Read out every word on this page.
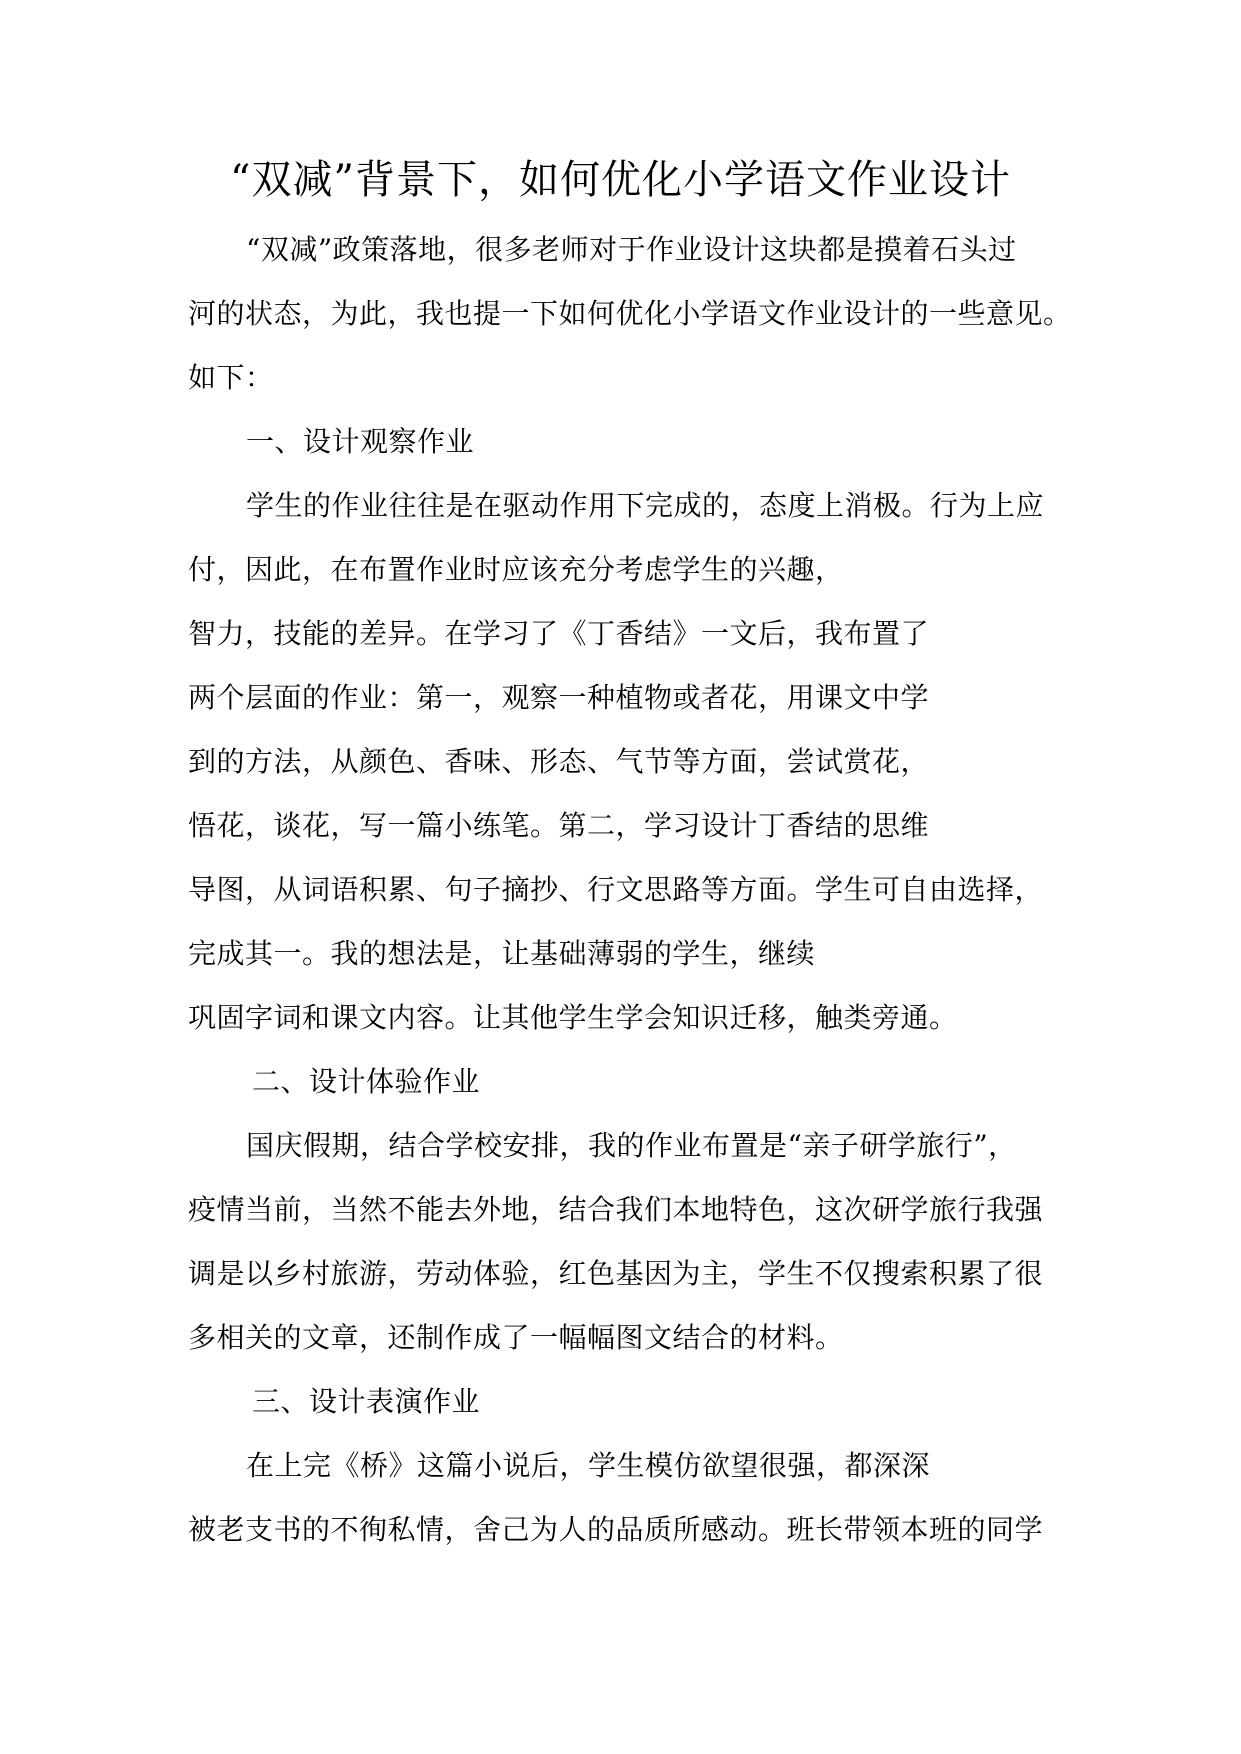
“双减”背景下，如何优化小学语文作业设计
“双减”政策落地，很多老师对于作业设计这块都是摸着石头过
河的状态，为此，我也提一下如何优化小学语文作业设计的一些意见。
如下：
一、设计观察作业
学生的作业往往是在驱动作用下完成的，态度上消极。行为上应
付，因此，在布置作业时应该充分考虑学生的兴趣，
智力，技能的差异。在学习了《丁香结》一文后，我布置了
两个层面的作业：第一，观察一种植物或者花，用课文中学
到的方法，从颜色、香味、形态、气节等方面，尝试赏花，
悟花，谈花，写一篇小练笔。第二，学习设计丁香结的思维
导图，从词语积累、句子摘抄、行文思路等方面。学生可自由选择，
完成其一。我的想法是，让基础薄弱的学生，继续
巩固字词和课文内容。让其他学生学会知识迁移，触类旁通。
二、设计体验作业
国庆假期，结合学校安排，我的作业布置是“亲子研学旅行”，
疫情当前，当然不能去外地，结合我们本地特色，这次研学旅行我强
调是以乡村旅游，劳动体验，红色基因为主，学生不仅搜索积累了很
多相关的文章，还制作成了一幅幅图文结合的材料。
三、设计表演作业
在上完《桥》这篇小说后，学生模仿欲望很强，都深深
被老支书的不徇私情，舍己为人的品质所感动。班长带领本班的同学
